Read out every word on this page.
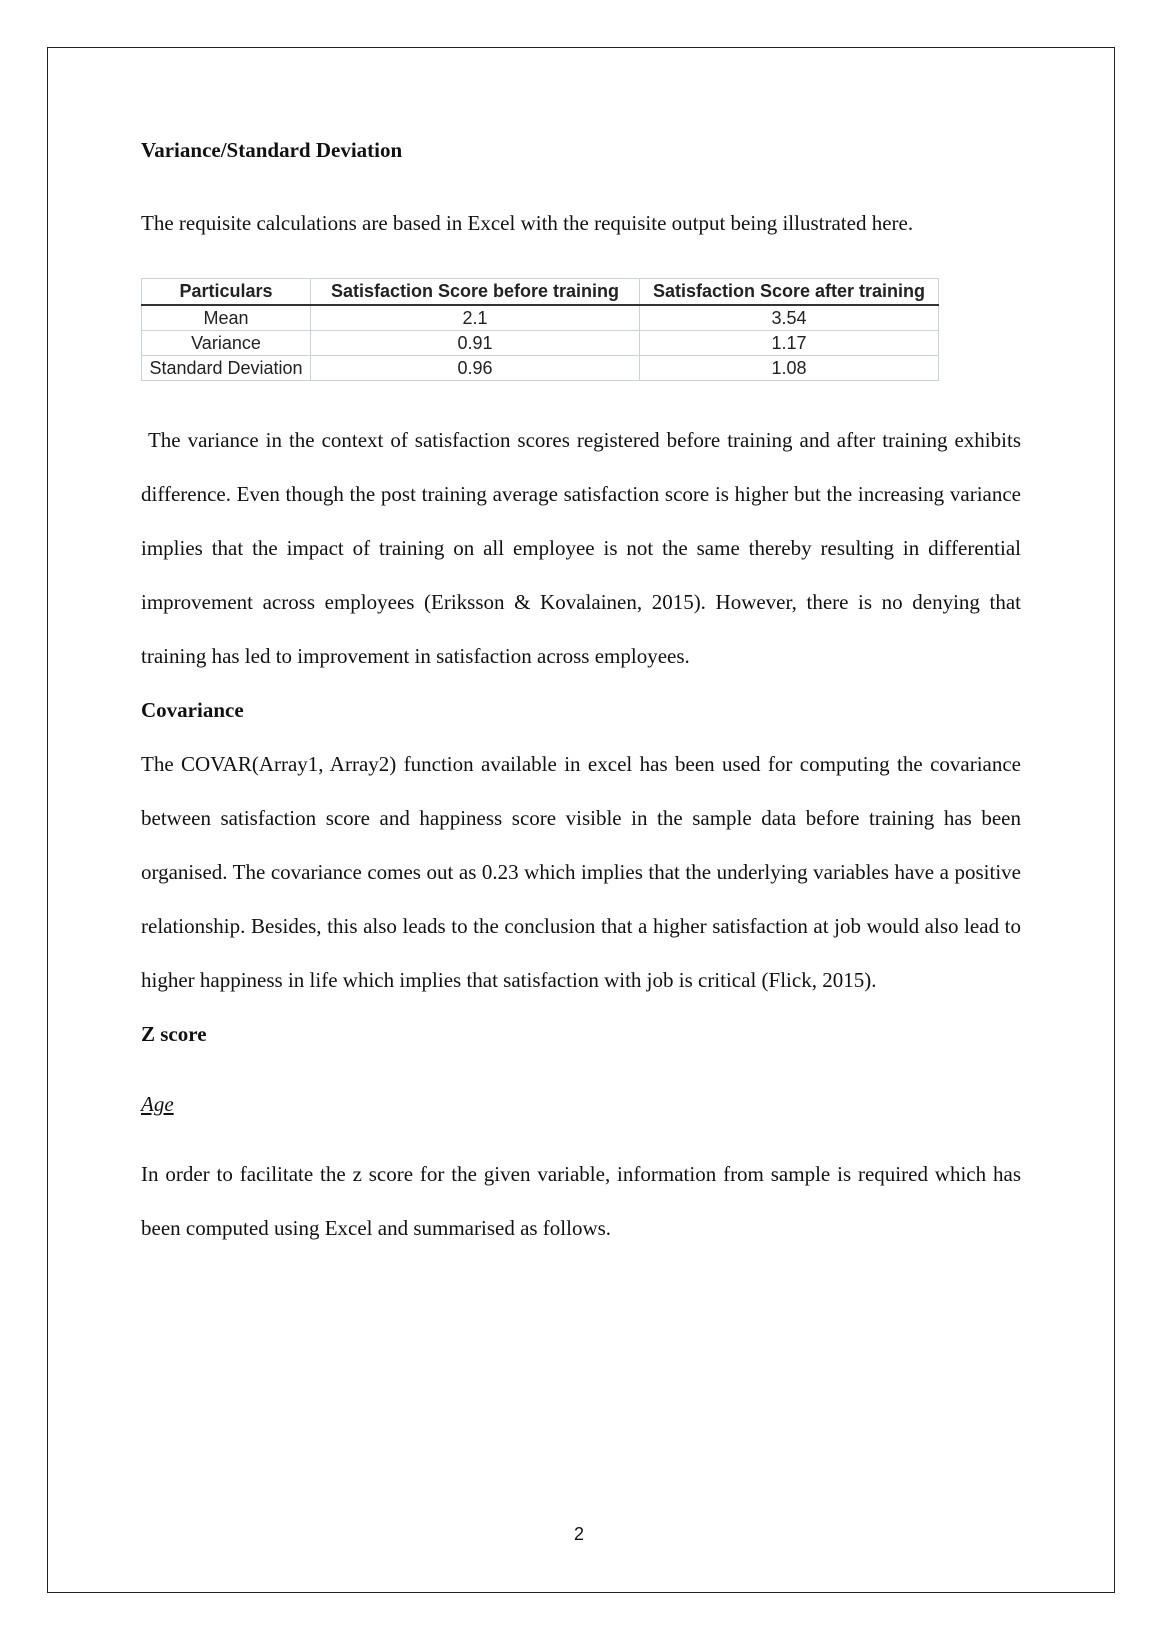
Variance/Standard Deviation

The requisite calculations are based in Excel with the requisite output being illustrated here.

Particulars	Satisfaction Score before training	Satisfaction Score after training
Mean	2.1	3.54
Variance	0.91	1.17
Standard Deviation	0.96	1.08

The variance in the context of satisfaction scores registered before training and after training exhibits difference. Even though the post training average satisfaction score is higher but the increasing variance implies that the impact of training on all employee is not the same thereby resulting in differential improvement across employees (Eriksson & Kovalainen, 2015). However, there is no denying that training has led to improvement in satisfaction across employees.

Covariance

The COVAR(Array1, Array2) function available in excel has been used for computing the covariance between satisfaction score and happiness score visible in the sample data before training has been organised. The covariance comes out as 0.23 which implies that the underlying variables have a positive relationship. Besides, this also leads to the conclusion that a higher satisfaction at job would also lead to higher happiness in life which implies that satisfaction with job is critical (Flick, 2015).

Z score

Age

In order to facilitate the z score for the given variable, information from sample is required which has been computed using Excel and summarised as follows.

2
